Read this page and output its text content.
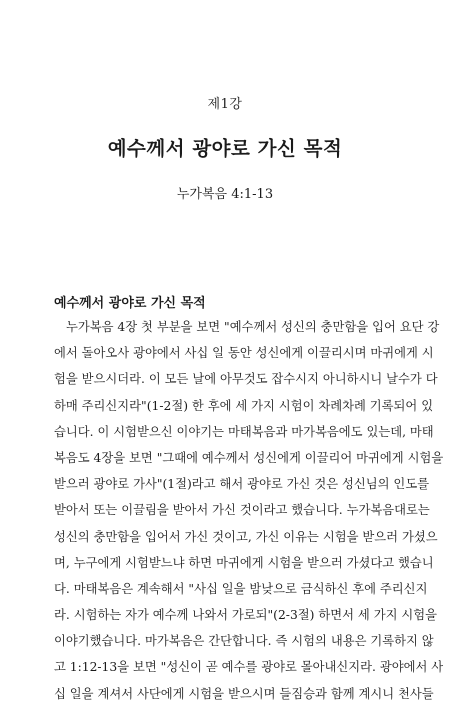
제1강
예수께서 광야로 가신 목적
누가복음 4:1-13
예수께서 광야로 가신 목적
누가복음 4장 첫 부분을 보면 "예수께서 성신의 충만함을 입어 요단 강
에서 돌아오사 광야에서 사십 일 동안 성신에게 이끌리시며 마귀에게 시
험을 받으시더라. 이 모든 날에 아무것도 잡수시지 아니하시니 날수가 다
하매 주리신지라"(1-2절) 한 후에 세 가지 시험이 차례차례 기록되어 있
습니다. 이 시험받으신 이야기는 마태복음과 마가복음에도 있는데, 마태
복음도 4장을 보면 "그때에 예수께서 성신에게 이끌리어 마귀에게 시험을
받으러 광야로 가사"(1절)라고 해서 광야로 가신 것은 성신님의 인도를
받아서 또는 이끌림을 받아서 가신 것이라고 했습니다. 누가복음대로는
성신의 충만함을 입어서 가신 것이고, 가신 이유는 시험을 받으러 가셨으
며, 누구에게 시험받느냐 하면 마귀에게 시험을 받으러 가셨다고 했습니
다. 마태복음은 계속해서 "사십 일을 밤낮으로 금식하신 후에 주리신지
라. 시험하는 자가 예수께 나와서 가로되"(2-3절) 하면서 세 가지 시험을
이야기했습니다. 마가복음은 간단합니다. 즉 시험의 내용은 기록하지 않
고 1:12-13을 보면 "성신이 곧 예수를 광야로 몰아내신지라. 광야에서 사
십 일을 계셔서 사단에게 시험을 받으시며 들짐승과 함께 계시니 천사들
